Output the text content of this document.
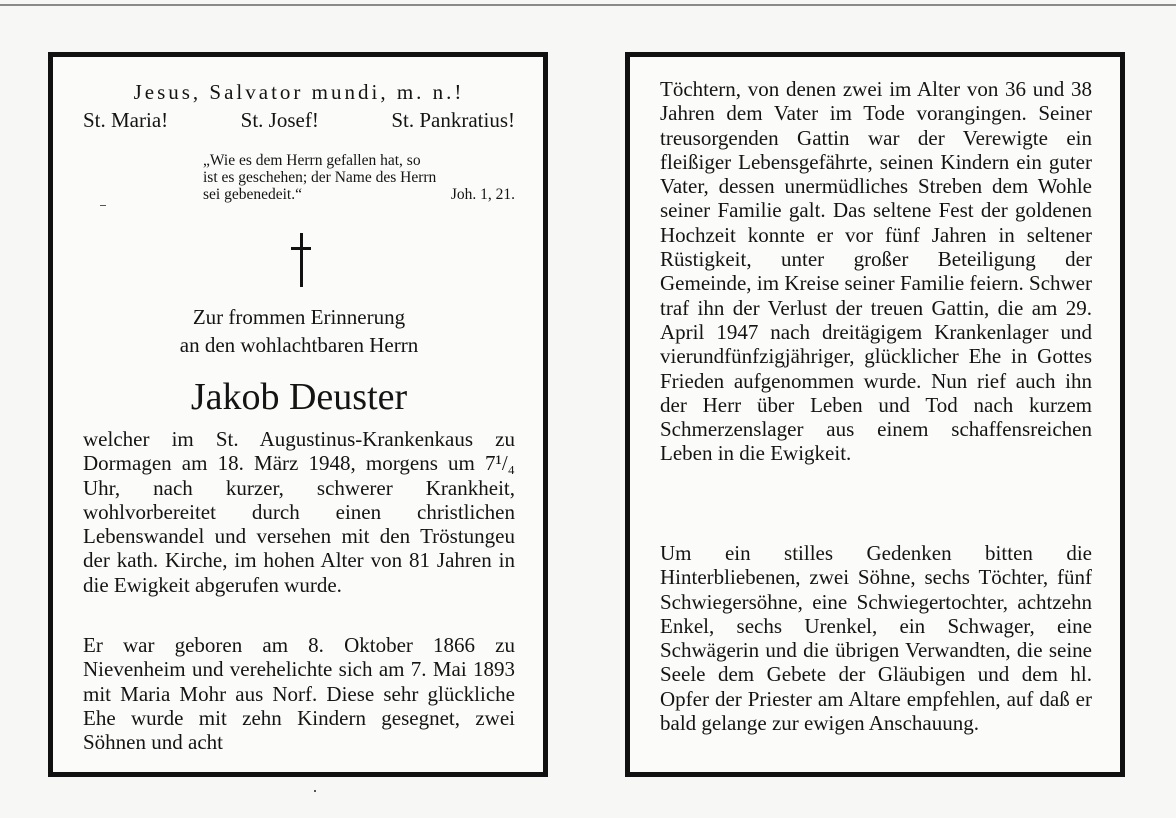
Jesus, Salvator mundi, m. n.!
St. Maria!	St. Josef!	St. Pankratius!
„Wie es dem Herrn gefallen hat, so
ist es geschehen; der Name des Herrn
sei gebenedeit.“	Joh. 1, 21.
Zur frommen Erinnerung
an den wohlachtbaren Herrn
Jakob Deuster
welcher im St. Augustinus-Krankenkaus zu Dormagen am 18. März 1948, morgens um 7¹/₄ Uhr, nach kurzer, schwerer Krankheit, wohlvorbereitet durch einen christlichen Lebenswandel und versehen mit den Tröstungeu der kath. Kirche, im hohen Alter von 81 Jahren in die Ewigkeit abgerufen wurde.
Er war geboren am 8. Oktober 1866 zu Nievenheim und verehelichte sich am 7. Mai 1893 mit Maria Mohr aus Norf. Diese sehr glückliche Ehe wurde mit zehn Kindern gesegnet, zwei Söhnen und acht
Töchtern, von denen zwei im Alter von 36 und 38 Jahren dem Vater im Tode vorangingen. Seiner treusorgenden Gattin war der Verewigte ein fleißiger Lebensgefährte, seinen Kindern ein guter Vater, dessen unermüdliches Streben dem Wohle seiner Familie galt. Das seltene Fest der goldenen Hochzeit konnte er vor fünf Jahren in seltener Rüstigkeit, unter großer Beteiligung der Gemeinde, im Kreise seiner Familie feiern. Schwer traf ihn der Verlust der treuen Gattin, die am 29. April 1947 nach dreitägigem Krankenlager und vierundfünfzigjähriger, glücklicher Ehe in Gottes Frieden aufgenommen wurde. Nun rief auch ihn der Herr über Leben und Tod nach kurzem Schmerzenslager aus einem schaffensreichen Leben in die Ewigkeit.
Um ein stilles Gedenken bitten die Hinterbliebenen, zwei Söhne, sechs Töchter, fünf Schwiegersöhne, eine Schwiegertochter, achtzehn Enkel, sechs Urenkel, ein Schwager, eine Schwägerin und die übrigen Verwandten, die seine Seele dem Gebete der Gläubigen und dem hl. Opfer der Priester am Altare empfehlen, auf daß er bald gelange zur ewigen Anschauung.
